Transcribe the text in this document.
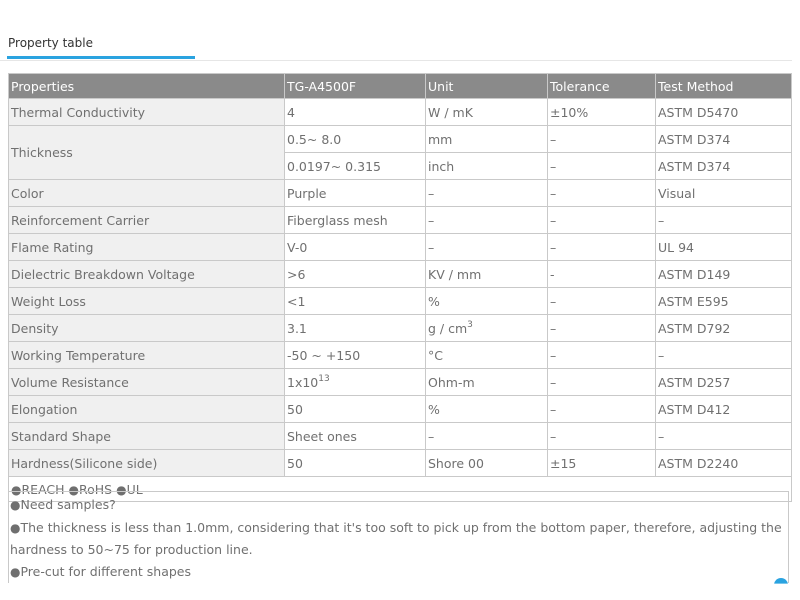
Property table
Properties	TG-A4500F	Unit	Tolerance	Test Method
Thermal Conductivity	4	W / mK	±10%	ASTM D5470
Thickness	0.5~ 8.0	mm	–	ASTM D374
	0.0197~ 0.315	inch	–	ASTM D374
Color	Purple	–	–	Visual
Reinforcement Carrier	Fiberglass mesh	–	–	–
Flame Rating	V-0	–	–	UL 94
Dielectric Breakdown Voltage	>6	KV / mm	-	ASTM D149
Weight Loss	<1	%	–	ASTM E595
Density	3.1	g / $cm^3$	–	ASTM D792
Working Temperature	-50 ~ +150	°C	–	–
Volume Resistance	$1x10^{13}$	Ohm-m	–	ASTM D257
Elongation	50	%	–	ASTM D412
Standard Shape	Sheet ones	–	–	–
Hardness(Silicone side)	50	Shore 00	±15	ASTM D2240
●REACH ●RoHS ●UL				

●Need samples?

●The thickness is less than 1.0mm, considering that it's too soft to pick up from the bottom paper, therefore, adjusting the

hardness to 50~75 for production line.

●Pre-cut for different shapes
